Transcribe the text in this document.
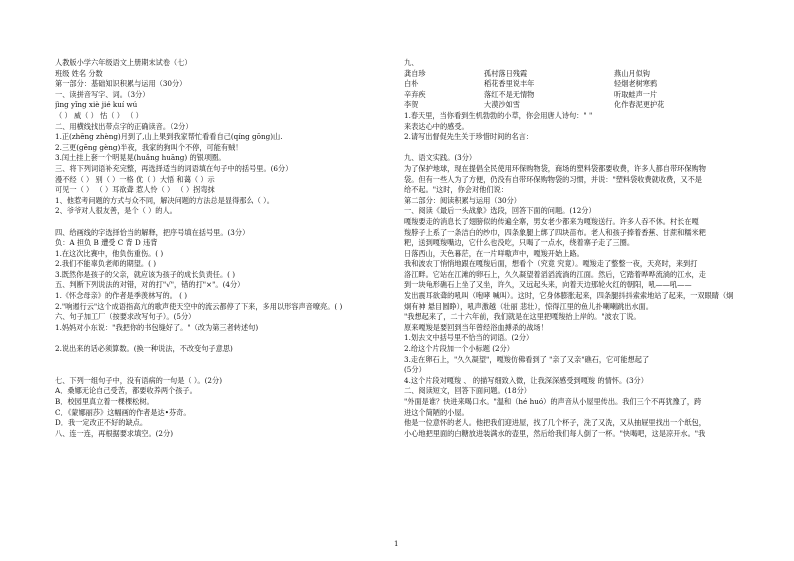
人教版小学六年级语文上册期末试卷（七）
班级 姓名 分数
第一部分：基础知识积累与运用（30分）
一、读拼音写字、词。（3分）
jìng yǐng xiè jié kuí wú
（ ） 威（ ） 怙（ ） （ ）
二、用横线找出带点字的正确读音。（2分）
1.正(zhēng zhèng)月到了,山上果到我家帮忙看看自己(qíng gōng)山.
2.三更(gēng gèng)半夜，我家的狗叫个不停，可能有贼！
3.闰土挂上套一个明晃晃(huǎng huāng) 的银项圈。
三、将下列词语补充完整，再选择适当的词语填在句子中的括号里。(6分）
漫不经（ ） 别（ ）一格 优（ ）大悟 和蔼（ ）示
可见一（ ） （ ）耳欲聋 惹人怜（ ） （ ）拐弯抹
1、他惹考问题的方式与众不同，解决问题的方法总是显得那么（ ）。
2、爷爷对人很友善，是个（ ）的人。

四、给画线的字选择恰当的解释，把序号填在括号里。(3分）
负：A 担负 B 遭受 C 背 D 违背
1.在这次比赛中，他负伤重伤。( )
2.我们不能辜负老师的期望。( )
3.既然你是孩子的父亲，就应该为孩子的成长负责任。( )
五、判断下列说法的对错，对的打"√"，错的打"×"。(4分）
1.《怀念母亲》的作者是季羡林写的。 ( )
2."响遏行云"这个成语指高亢的歌声使天空中的流云都停了下来，多用以形容声音嘹亮。( )
六、句子加工厂（按要求改写句子）。(5分）
1.妈妈对小东说："我把你的书包缝好了。"（改为第三者转述句)

2.说出来的话必须算数。(换一种说法，不改变句子意思)

七、下列一组句子中，没有语病的一句是（ ）。(2分)
A．桑娜无论自己受苦，都要收养两个孩子。
B．校园里真立着一棵棵松树。
C．《蒙娜丽莎》这幅画的作者是达•芬奇。
D．我一定改正不好的缺点。
八、连一连，再根据要求填空。(2分)
九、
龚自珍	孤村落日残霞	燕山月似钩
白朴	稻花香里说丰年	轻烟老树寒鸦
辛弃疾	落红不是无情物	听取蛙声一片
李贺	大漠沙如雪	化作春泥更护花
1.春天里，当你看到生机勃勃的小草，你会用唐人诗句：" "
来表达心中的感受。
2.请写出督促先生关于珍惜时间的名言：

九、语文实践。(3分）
为了保护地球，现在提倡全民使用环保购物袋，商场的塑料袋都要收费，许多人都自带环保购物
袋。但有一些人为了方便，仍没有自带环保购物袋的习惯，并说："塑料袋收费就收费，又不是
给不起。"这时，你会对他们说：
第二部分：阅读积累与运用（30分）
一、阅读《最后一头战象》选段，回答下面的问题。(12分）
嘎羧要走的消息长了翅膀似的传遍全寨，男女老少都来为嘎羧送行。许多人吞不休。村长在嘎
羧脖子上系了一条洁白的纱巾，四条象腿上绑了四块苗布。老人和孩子捧着香蕉、甘蔗和糯米粑
粑，送到嘎羧嘴边，它什么也没吃，只喝了一点水，绕着寨子走了三圈。
日落西山，天色暮茫，在一片咩嗷声中，嘎羧开始上路。
我和波农丁悄悄地跟在嘎羧后面，想看个（究竟 究竟）。嘎羧走了整整一夜，天亮时，来到打
洛江畔。它站在江滩的卵石上，久久凝望着滔滔流淌的江面。然后，它踏着哗哗流淌的江水，走
到一块龟形礁石上坐了又坐，许久，又远起头来，向着天边那轮火红的朝阳，吼——吼——
发出震耳欲聋的吼叫（咆哮 喊叫）。这时，它身体膨胀起来，四条腿抖抖索索地站了起来，一双眼睛（炯
炯有神 悬目圆睁），吼声激越（壮丽 悲壮），惊得江里的鱼儿扑喇喇跳出水面。
"我想起来了，二十六年前，我们就是在这里把嘎羧抬上岸的。"波农丁说。
原来嘎羧是要回到当年曾经浴血搏杀的战场！
1.划去文中括号里不恰当的词语。(2分）
2.给这个片段加一个小标题 (2分）
3.走在卵石上，"久久凝望"，嘎羧仿佛看到了 "亲了又亲"礁石，它可能想起了
(5分）
4.这个片段对嘎羧 、 的描写细致入微，让我深深感受到嘎羧 的情怀。(3分）
二、阅读短文，回答下面问题。(18分）
"外面是谁？快进来喝口水。"温和（hé huó）的声音从小屋里传出。我们三个不再犹豫了，跨
进这个简陋的小屋。
他是一位意怀的老人。他把我们迎进屋，找了几个杯子，洗了又洗，又从抽屉里找出一个纸包，
小心地把里面的白糖放进装满水的壶里，然后给我们每人倒了一杯。"快喝吧，这是凉开水。"我
1
